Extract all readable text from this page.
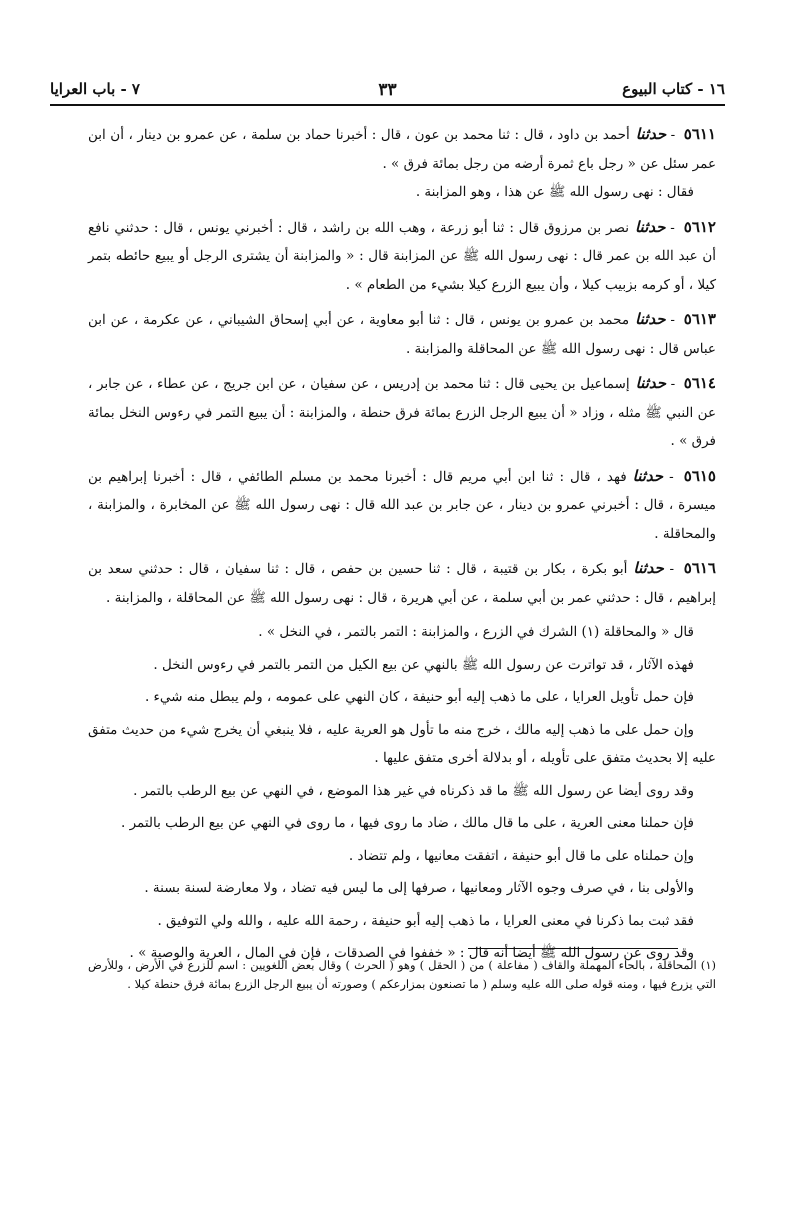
١٦ - كتاب البيوع
٣٣
٧ - باب العرايا
٥٦١١ - حدثناأحمد بن داود ، قال : ثنا محمد بن عون ، قال : أخبرنا حماد بن سلمة ، عن عمرو بن دينار ، أن ابن عمر سئل عن « رجل باع ثمرة أرضه من رجل بمائة فرق » .
فقال : نهى رسول الله ﷺ عن هذا ، وهو المزابنة .
٥٦١٢ - حدثنانصر بن مرزوق قال : ثنا أبو زرعة ، وهب الله بن راشد ، قال : أخبرني يونس ، قال : حدثني نافع أن عبد الله بن عمر قال : نهى رسول الله ﷺ عن المزابنة قال : « والمزابنة أن يشترى الرجل أو يبيع حائطه بتمر كيلا ، أو كرمه بزبيب كيلا ، وأن يبيع الزرع كيلا بشيء من الطعام » .
٥٦١٣ - حدثنامحمد بن عمرو بن يونس ، قال : ثنا أبو معاوية ، عن أبي إسحاق الشيباني ، عن عكرمة ، عن ابن عباس قال : نهى رسول الله ﷺ عن المحاقلة والمزابنة .
٥٦١٤ - حدثناإسماعيل بن يحيى قال : ثنا محمد بن إدريس ، عن سفيان ، عن ابن جريج ، عن عطاء ، عن جابر ، عن النبي ﷺ مثله ، وزاد « أن يبيع الرجل الزرع بمائة فرق حنطة ، والمزابنة : أن يبيع التمر في رءوس النخل بمائة فرق » .
٥٦١٥ - حدثنافهد ، قال : ثنا ابن أبي مريم قال : أخبرنا محمد بن مسلم الطائفي ، قال : أخبرنا إبراهيم بن ميسرة ، قال : أخبرني عمرو بن دينار ، عن جابر بن عبد الله قال : نهى رسول الله ﷺ عن المخابرة ، والمزابنة ، والمحاقلة .
٥٦١٦ - حدثناأبو بكرة ، بكار بن قتيبة ، قال : ثنا حسين بن حفص ، قال : ثنا سفيان ، قال : حدثني سعد بن إبراهيم ، قال : حدثني عمر بن أبي سلمة ، عن أبي هريرة ، قال : نهى رسول الله ﷺ عن المحاقلة ، والمزابنة .
قال « والمحاقلة (١) الشرك في الزرع ، والمزابنة : التمر بالتمر ، في النخل » .
فهذه الآثار ، قد تواترت عن رسول الله ﷺ بالنهي عن بيع الكيل من التمر بالتمر في رءوس النخل .
فإن حمل تأويل العرايا ، على ما ذهب إليه أبو حنيفة ، كان النهي على عمومه ، ولم يبطل منه شيء .
وإن حمل على ما ذهب إليه مالك ، خرج منه ما تأول هو العرية عليه ، فلا ينبغي أن يخرج شيء من حديث متفق عليه إلا بحديث متفق على تأويله ، أو بدلالة أخرى متفق عليها .
وقد روى أيضا عن رسول الله ﷺ ما قد ذكرناه في غير هذا الموضع ، في النهي عن بيع الرطب بالتمر .
فإن حملنا معنى العرية ، على ما قال مالك ، ضاد ما روى فيها ، ما روى في النهي عن بيع الرطب بالتمر .
وإن حملناه على ما قال أبو حنيفة ، اتفقت معانيها ، ولم تتضاد .
والأولى بنا ، في صرف وجوه الآثار ومعانيها ، صرفها إلى ما ليس فيه تضاد ، ولا معارضة لسنة بسنة .
فقد ثبت بما ذكرنا في معنى العرايا ، ما ذهب إليه أبو حنيفة ، رحمة الله عليه ، والله ولي التوفيق .
وقد روى عن رسول الله ﷺ أيضا أنه قال : « خففوا في الصدقات ، فإن في المال ، العرية والوصية » .
(١) المحاقلة ، بالحاء المهملة والقاف ( مفاعلة ) من ( الحقل ) وهو ( الحرث ) وقال بعض اللغويين : اسم للزرع في الأرض ، وللأرض التي يزرع فيها ، ومنه قوله صلى الله عليه وسلم ( ما تصنعون بمزارعكم ) وصورته أن يبيع الرجل الزرع بمائة فرق حنطة كيلا .
